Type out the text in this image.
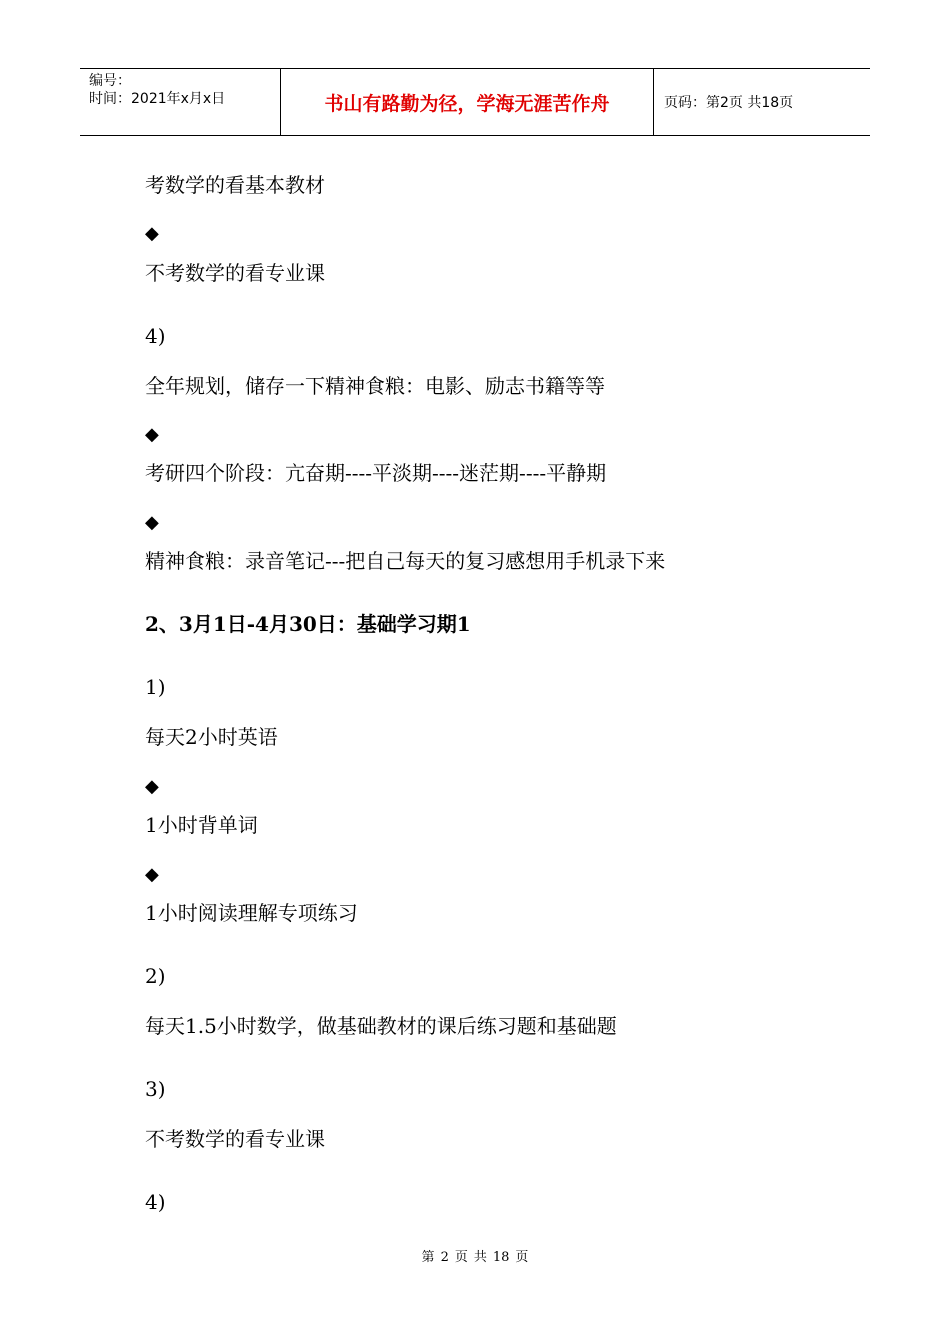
编号：
时间：2021年x月x日	书山有路勤为径，学海无涯苦作舟	页码：第2页 共18页
考数学的看基本教材
◆
不考数学的看专业课
4)
全年规划，储存一下精神食粮：电影、励志书籍等等
◆
考研四个阶段：亢奋期----平淡期----迷茫期----平静期
◆
精神食粮：录音笔记---把自己每天的复习感想用手机录下来
2、3月1日-4月30日：基础学习期1
1)
每天2小时英语
◆
1小时背单词
◆
1小时阅读理解专项练习
2)
每天1.5小时数学，做基础教材的课后练习题和基础题
3)
不考数学的看专业课
4)
第 2 页 共 18 页
